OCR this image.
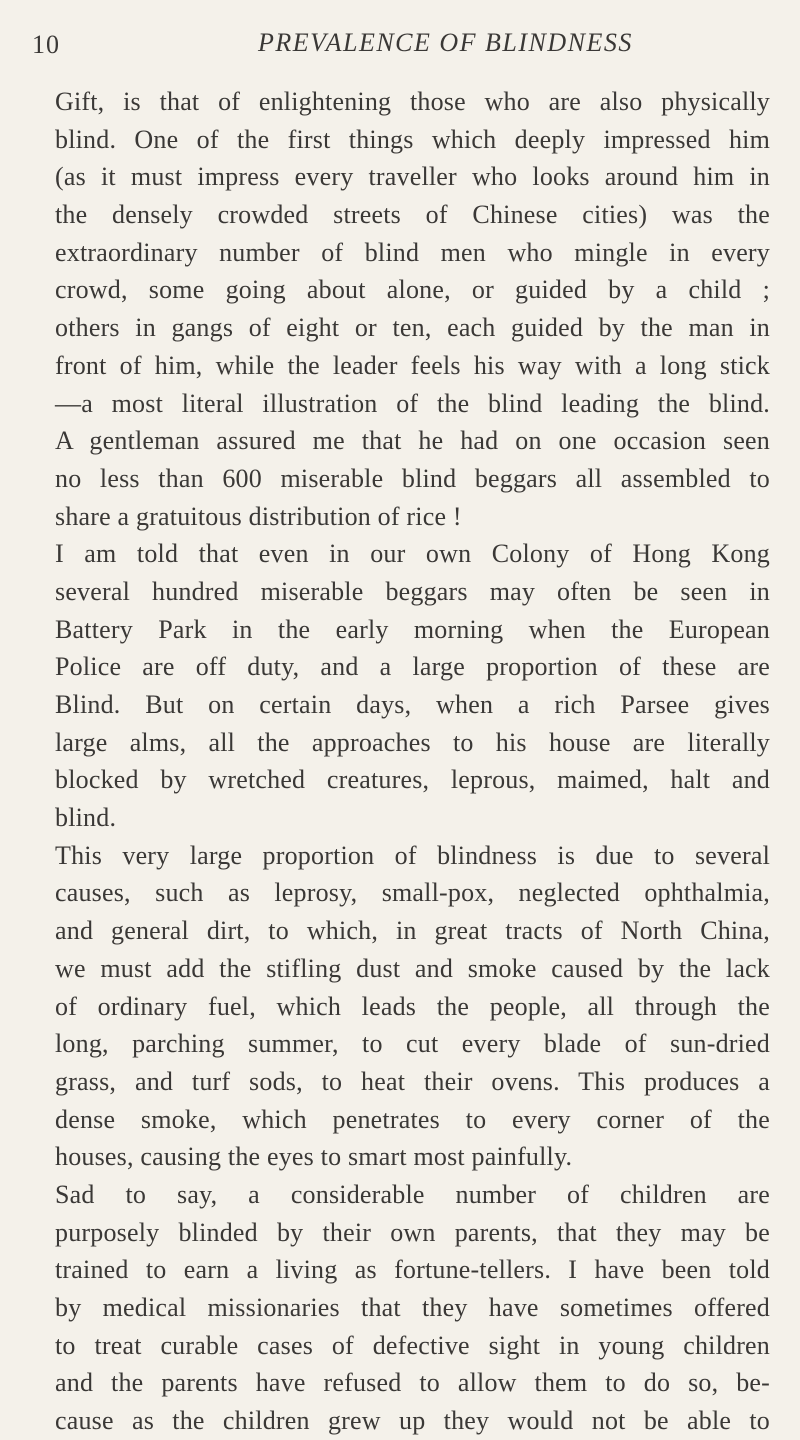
10	PREVALENCE OF BLINDNESS
Gift, is that of enlightening those who are also physically
blind. One of the first things which deeply impressed him
(as it must impress every traveller who looks around him in
the densely crowded streets of Chinese cities) was the
extraordinary number of blind men who mingle in every
crowd, some going about alone, or guided by a child ;
others in gangs of eight or ten, each guided by the man in
front of him, while the leader feels his way with a long stick
—a most literal illustration of the blind leading the blind.
A gentleman assured me that he had on one occasion seen
no less than 600 miserable blind beggars all assembled to
share a gratuitous distribution of rice !
I am told that even in our own Colony of Hong Kong
several hundred miserable beggars may often be seen in
Battery Park in the early morning when the European
Police are off duty, and a large proportion of these are
Blind. But on certain days, when a rich Parsee gives
large alms, all the approaches to his house are literally
blocked by wretched creatures, leprous, maimed, halt and
blind.
This very large proportion of blindness is due to several
causes, such as leprosy, small-pox, neglected ophthalmia,
and general dirt, to which, in great tracts of North China,
we must add the stifling dust and smoke caused by the lack
of ordinary fuel, which leads the people, all through the
long, parching summer, to cut every blade of sun-dried
grass, and turf sods, to heat their ovens. This produces a
dense smoke, which penetrates to every corner of the
houses, causing the eyes to smart most painfully.
Sad to say, a considerable number of children are
purposely blinded by their own parents, that they may be
trained to earn a living as fortune-tellers. I have been told
by medical missionaries that they have sometimes offered
to treat curable cases of defective sight in young children
and the parents have refused to allow them to do so, be-
cause as the children grew up they would not be able to
